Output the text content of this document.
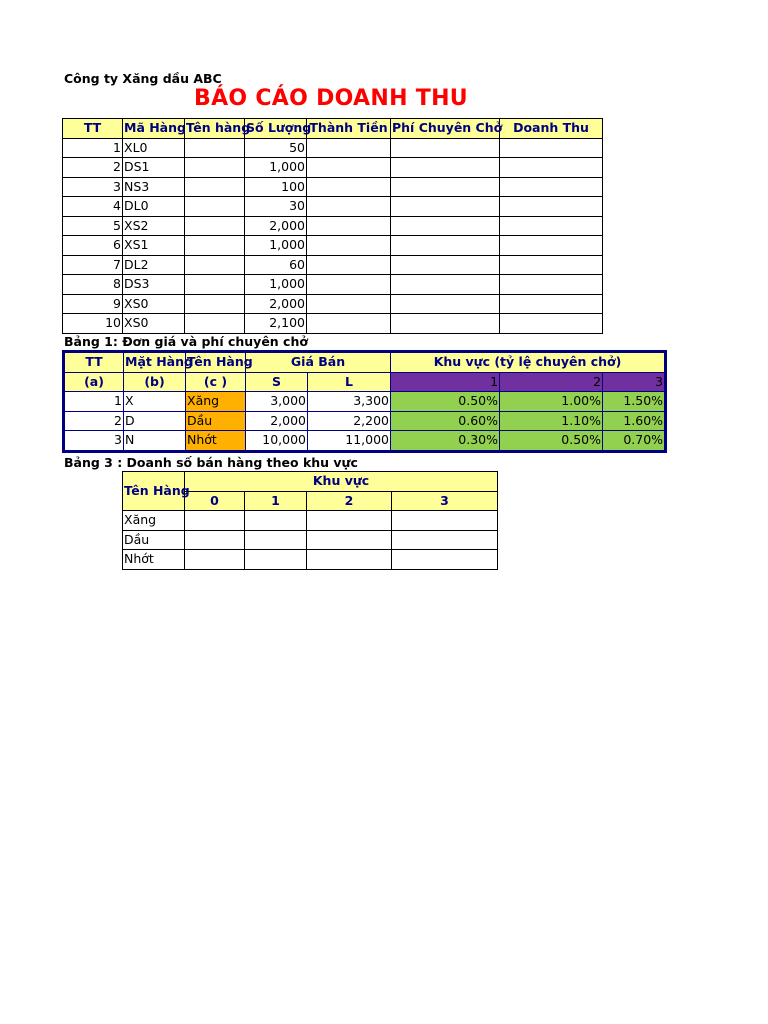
Công ty Xăng dầu ABC
BÁO CÁO DOANH THU
TT	Mã Hàng	Tên hàng	Số Lượng	Thành Tiền	Phí Chuyên Chở	Doanh Thu
1	XL0		50			
2	DS1		1,000			
3	NS3		100			
4	DL0		30			
5	XS2		2,000			
6	XS1		1,000			
7	DL2		60			
8	DS3		1,000			
9	XS0		2,000			
10	XS0		2,100			
Bảng 1: Đơn giá và phí chuyên chở
TT	Mặt Hàng	Tên Hàng	Giá Bán		Khu vực (tỷ lệ chuyên chở)		
(a)	(b)	(c )	S	L	1	2	3
1	X	Xăng	3,000	3,300	0.50%	1.00%	1.50%
2	D	Dầu	2,000	2,200	0.60%	1.10%	1.60%
3	N	Nhớt	10,000	11,000	0.30%	0.50%	0.70%
Bảng 3 : Doanh số bán hàng theo khu vực
Tên Hàng	Khu vực			
	0	1	2	3
Xăng				
Dầu				
Nhớt				
